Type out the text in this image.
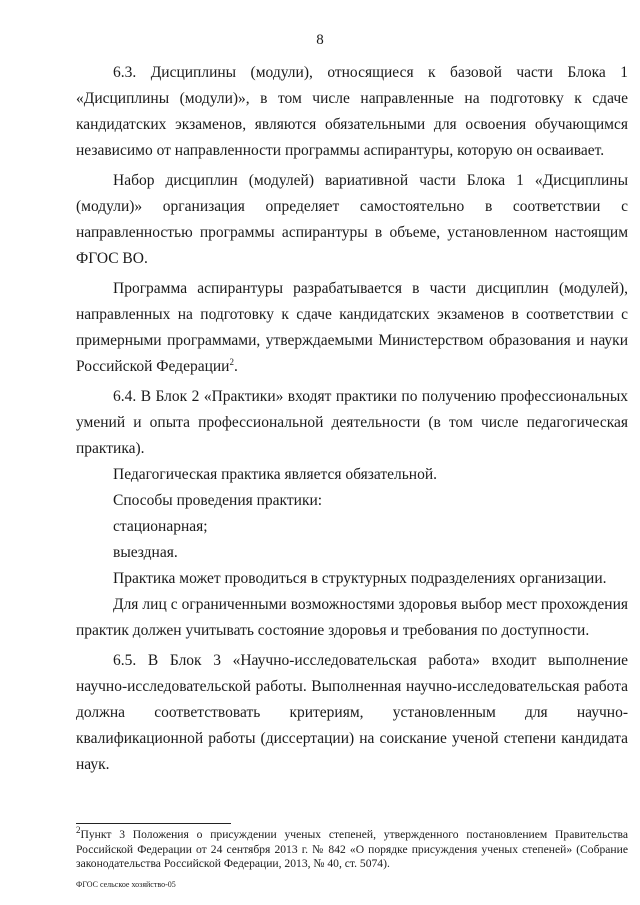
8

6.3. Дисциплины (модули), относящиеся к базовой части Блока 1 «Дисциплины (модули)», в том числе направленные на подготовку к сдаче кандидатских экзаменов, являются обязательными для освоения обучающимся независимо от направленности программы аспирантуры, которую он осваивает.

Набор дисциплин (модулей) вариативной части Блока 1 «Дисциплины (модули)» организация определяет самостоятельно в соответствии с направленностью программы аспирантуры в объеме, установленном настоящим ФГОС ВО.

Программа аспирантуры разрабатывается в части дисциплин (модулей), направленных на подготовку к сдаче кандидатских экзаменов в соответствии с примерными программами, утверждаемыми Министерством образования и науки Российской Федерации$^2$.

6.4. В Блок 2 «Практики» входят практики по получению профессиональных умений и опыта профессиональной деятельности (в том числе педагогическая практика).

Педагогическая практика является обязательной.

Способы проведения практики:

стационарная;

выездная.

Практика может проводиться в структурных подразделениях организации.

Для лиц с ограниченными возможностями здоровья выбор мест прохождения практик должен учитывать состояние здоровья и требования по доступности.

6.5. В Блок 3 «Научно-исследовательская работа» входит выполнение научно-исследовательской работы. Выполненная научно-исследовательская работа должна соответствовать критериям, установленным для научно-квалификационной работы (диссертации) на соискание ученой степени кандидата наук.

$^2$Пункт 3 Положения о присуждении ученых степеней, утвержденного постановлением Правительства Российской Федерации от 24 сентября 2013 г. № 842 «О порядке присуждения ученых степеней» (Собрание законодательства Российской Федерации, 2013, № 40, ст. 5074).
ФГОС сельское хозяйство-05
